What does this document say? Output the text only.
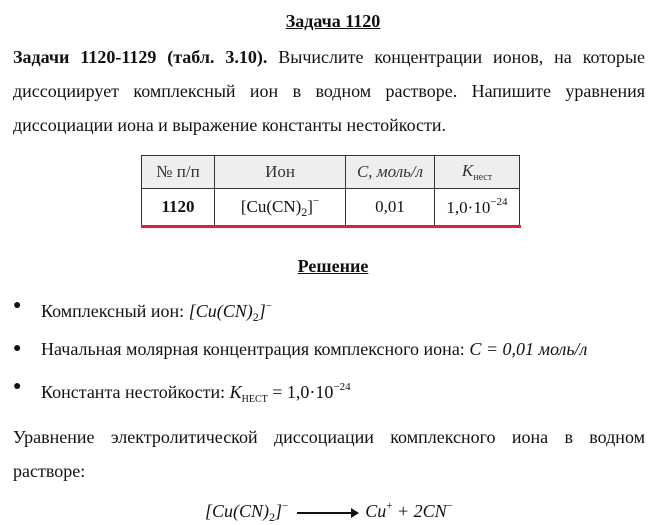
Задача 1120
Задачи 1120-1129 (табл. 3.10). Вычислите концентрации ионов, на которые диссоциирует комплексный ион в водном растворе. Напишите уравнения диссоциации иона и выражение константы нестойкости.
№ п/п	Ион	C, моль/л	$K_{нест}$
1120	$[Cu(CN)_2]^-$	0,01	$1,0\cdot 10^{-24}$
Решение
● Комплексный ион: $[Cu(CN)_2]^-$
● Начальная молярная концентрация комплексного иона: C = 0,01 моль/л
● Константа нестойкости: $K_{НЕСТ} = 1,0\cdot 10^{-24}$
Уравнение электролитической диссоциации комплексного иона в водном растворе:
$[Cu(CN)_2]^- \to Cu^+ + 2CN^-$
